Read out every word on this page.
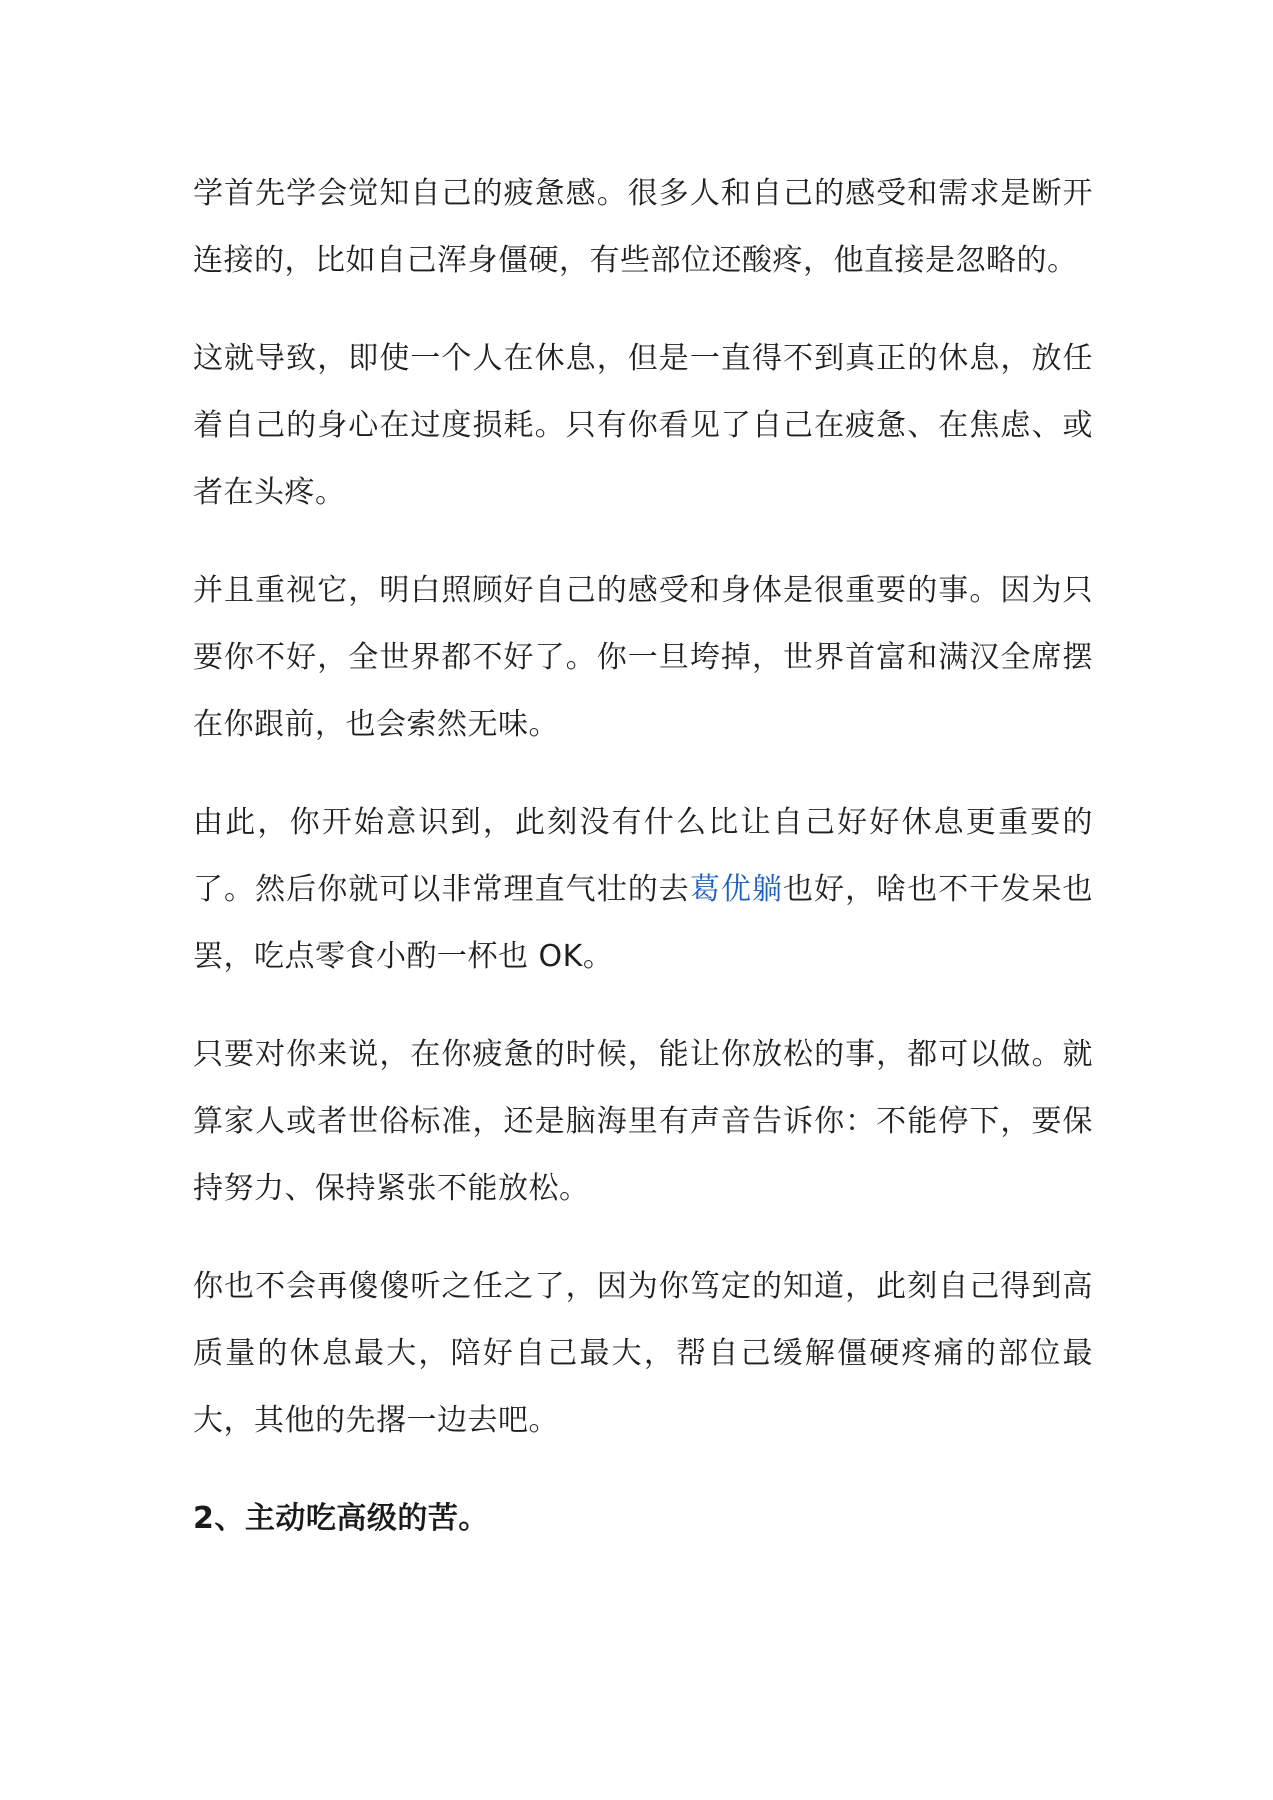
学首先学会觉知自己的疲惫感。很多人和自己的感受和需求是断开连接的，比如自己浑身僵硬，有些部位还酸疼，他直接是忽略的。

这就导致，即使一个人在休息，但是一直得不到真正的休息，放任着自己的身心在过度损耗。只有你看见了自己在疲惫、在焦虑、或者在头疼。

并且重视它，明白照顾好自己的感受和身体是很重要的事。因为只要你不好，全世界都不好了。你一旦垮掉，世界首富和满汉全席摆在你跟前，也会索然无味。

由此，你开始意识到，此刻没有什么比让自己好好休息更重要的了。然后你就可以非常理直气壮的去葛优躺也好，啥也不干发呆也罢，吃点零食小酌一杯也 OK。

只要对你来说，在你疲惫的时候，能让你放松的事，都可以做。就算家人或者世俗标准，还是脑海里有声音告诉你：不能停下，要保持努力、保持紧张不能放松。

你也不会再傻傻听之任之了，因为你笃定的知道，此刻自己得到高质量的休息最大，陪好自己最大，帮自己缓解僵硬疼痛的部位最大，其他的先撂一边去吧。

2、主动吃高级的苦。
